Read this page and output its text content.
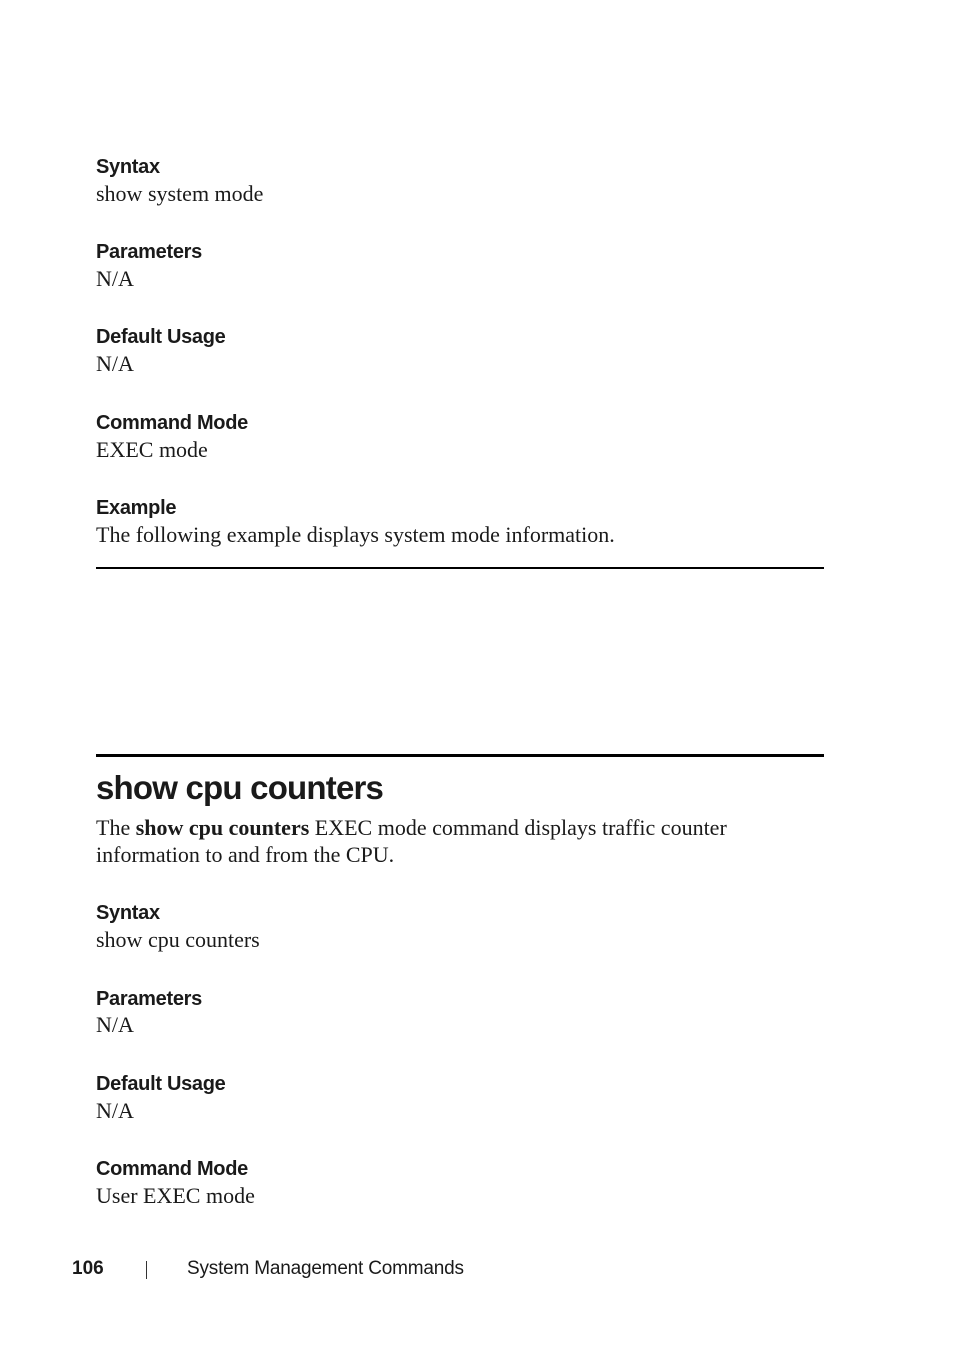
Syntax

show system mode

Parameters

N/A

Default Usage

N/A

Command Mode

EXEC mode

Example

The following example displays system mode information.

show cpu counters

The show cpu counters EXEC mode command displays traffic counter information to and from the CPU.

Syntax

show cpu counters

Parameters

N/A

Default Usage

N/A

Command Mode

User EXEC mode

106	System Management Commands
